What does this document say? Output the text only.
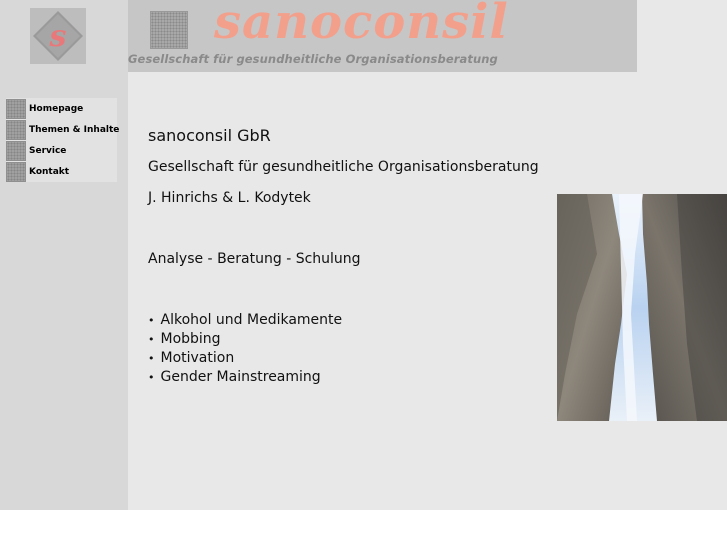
s	sanoconsil
Gesellschaft für gesundheitliche Organisationsberatung
Homepage
Themen & Inhalte
Service
Kontakt
sanoconsil GbR
Gesellschaft für gesundheitliche Organisationsberatung
J. Hinrichs & L. Kodytek
Analyse - Beratung - Schulung
• Alkohol und Medikamente
• Mobbing
• Motivation
• Gender Mainstreaming
